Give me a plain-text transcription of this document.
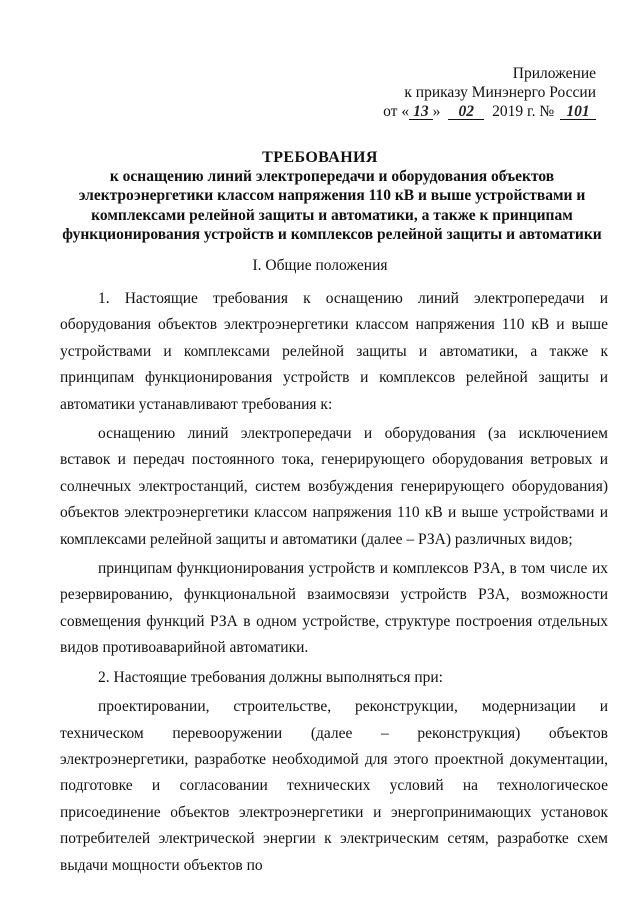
Приложение
к приказу Минэнерго России
от « 13 » 02 2019 г. № 101
ТРЕБОВАНИЯ
к оснащению линий электропередачи и оборудования объектов электроэнергетики классом напряжения 110 кВ и выше устройствами и комплексами релейной защиты и автоматики, а также к принципам функционирования устройств и комплексов релейной защиты и автоматики
I. Общие положения

1. Настоящие требования к оснащению линий электропередачи и оборудования объектов электроэнергетики классом напряжения 110 кВ и выше устройствами и комплексами релейной защиты и автоматики, а также к принципам функционирования устройств и комплексов релейной защиты и автоматики устанавливают требования к:

оснащению линий электропередачи и оборудования (за исключением вставок и передач постоянного тока, генерирующего оборудования ветровых и солнечных электростанций, систем возбуждения генерирующего оборудования) объектов электроэнергетики классом напряжения 110 кВ и выше устройствами и комплексами релейной защиты и автоматики (далее – РЗА) различных видов;

принципам функционирования устройств и комплексов РЗА, в том числе их резервированию, функциональной взаимосвязи устройств РЗА, возможности совмещения функций РЗА в одном устройстве, структуре построения отдельных видов противоаварийной автоматики.

2. Настоящие требования должны выполняться при:

проектировании, строительстве, реконструкции, модернизации и техническом перевооружении (далее – реконструкция) объектов электроэнергетики, разработке необходимой для этого проектной документации, подготовке и согласовании технических условий на технологическое присоединение объектов электроэнергетики и энергопринимающих установок потребителей электрической энергии к электрическим сетям, разработке схем выдачи мощности объектов по
